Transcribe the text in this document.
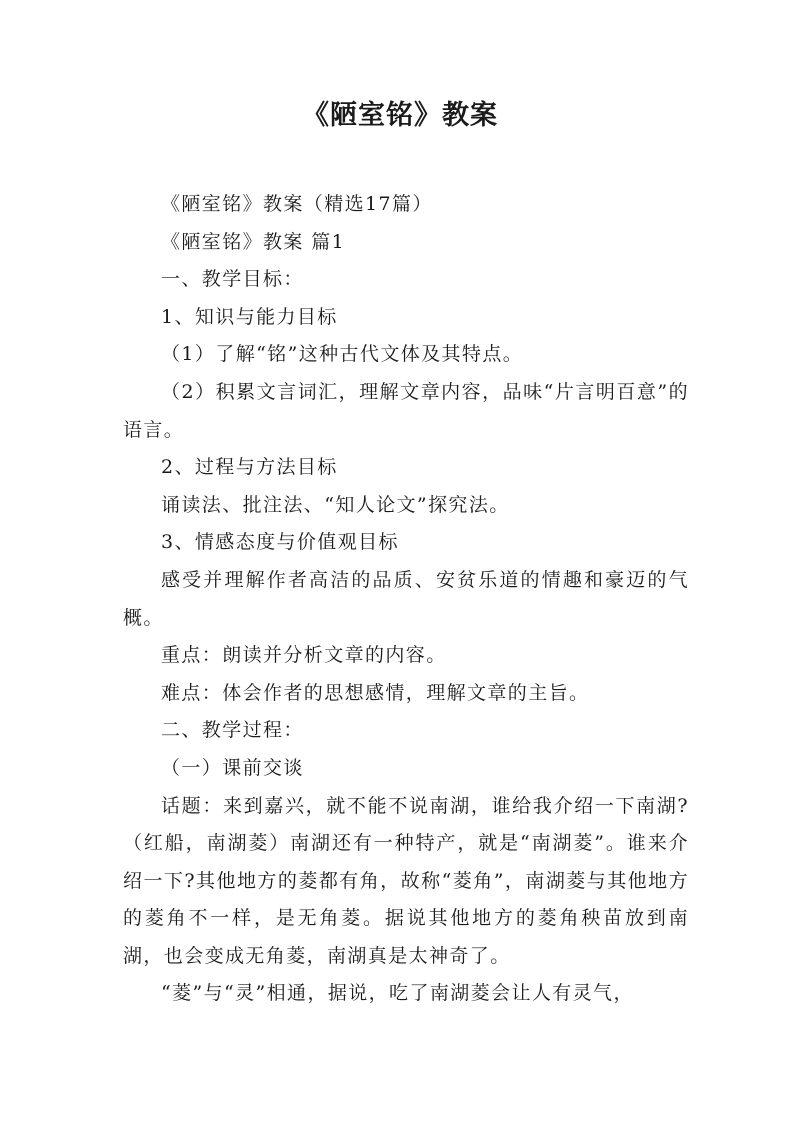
《陋室铭》教案

《陋室铭》教案（精选17篇）

《陋室铭》教案 篇1

一、教学目标：

1、知识与能力目标

（1）了解“铭”这种古代文体及其特点。

（2）积累文言词汇，理解文章内容，品味“片言明百意”的语言。

2、过程与方法目标

诵读法、批注法、“知人论文”探究法。

3、情感态度与价值观目标

感受并理解作者高洁的品质、安贫乐道的情趣和豪迈的气概。

重点：朗读并分析文章的内容。

难点：体会作者的思想感情，理解文章的主旨。

二、教学过程：

（一）课前交谈

话题：来到嘉兴，就不能不说南湖，谁给我介绍一下南湖?（红船，南湖菱）南湖还有一种特产，就是“南湖菱”。谁来介绍一下?其他地方的菱都有角，故称“菱角”，南湖菱与其他地方的菱角不一样，是无角菱。据说其他地方的菱角秧苗放到南湖，也会变成无角菱，南湖真是太神奇了。

“菱”与“灵”相通，据说，吃了南湖菱会让人有灵气，
